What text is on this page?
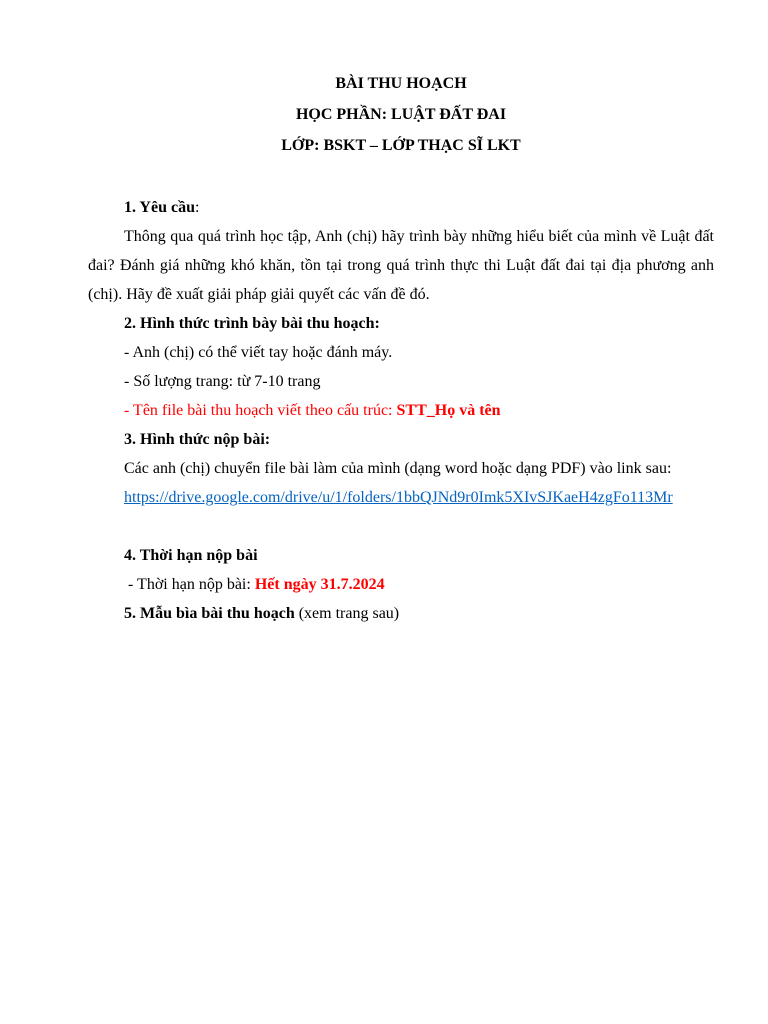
BÀI THU HOẠCH

HỌC PHẦN: LUẬT ĐẤT ĐAI

LỚP: BSKT – LỚP THẠC SĨ LKT

1. Yêu cầu:

Thông qua quá trình học tập, Anh (chị) hãy trình bày những hiểu biết của mình về Luật đất đai? Đánh giá những khó khăn, tồn tại trong quá trình thực thi Luật đất đai tại địa phương anh (chị). Hãy đề xuất giải pháp giải quyết các vấn đề đó.

2. Hình thức trình bày bài thu hoạch:

- Anh (chị) có thể viết tay hoặc đánh máy.

- Số lượng trang: từ 7-10 trang

- Tên file bài thu hoạch viết theo cấu trúc: STT_Họ và tên

3. Hình thức nộp bài:

Các anh (chị) chuyển file bài làm của mình (dạng word hoặc dạng PDF) vào link sau:

https://drive.google.com/drive/u/1/folders/1bbQJNd9r0Imk5XIvSJKaeH4zgFo113Mr

4. Thời hạn nộp bài

- Thời hạn nộp bài: Hết ngày 31.7.2024

5. Mẫu bìa bài thu hoạch (xem trang sau)
